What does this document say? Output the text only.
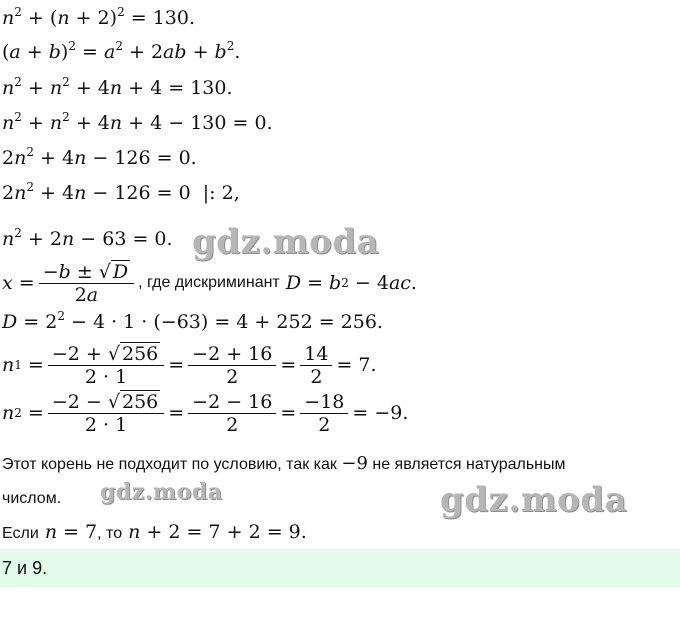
$n^2 + (n + 2)^2 = 130$.
$(a + b)^2 = a^2 + 2ab + b^2$.
$n^2 + n^2 + 4n + 4 = 130$.
$n^2 + n^2 + 4n + 4 - 130 = 0$.
$2n^2 + 4n - 126 = 0$.
$2n^2 + 4n - 126 = 0$  |: 2,
$n^2 + 2n - 63 = 0$. gdz.moda
$x = \frac{-b \pm √ D}{2a}$ , где дискриминант
D = b 2 − 4 ac .
$D = 2^2 - 4 \cdot 1 \cdot (-63) = 4 + 252 = 256$.
n $1 = \frac{-2 + √ 256}{2 \cdot 1} = \frac{-2 + 16}{2} = \frac{14}{2} = 7$.
n $2 = \frac{-2 - √ 256}{2 \cdot 1} = \frac{-2 - 16}{2} = \frac{-18}{2} = -9$.
Этот корень не подходит по условию, так как −9 не является натуральным
числом. gdz.moda	gdz.moda
Если n = 7, то n + 2 = 7 + 2 = 9.
7 и 9.
